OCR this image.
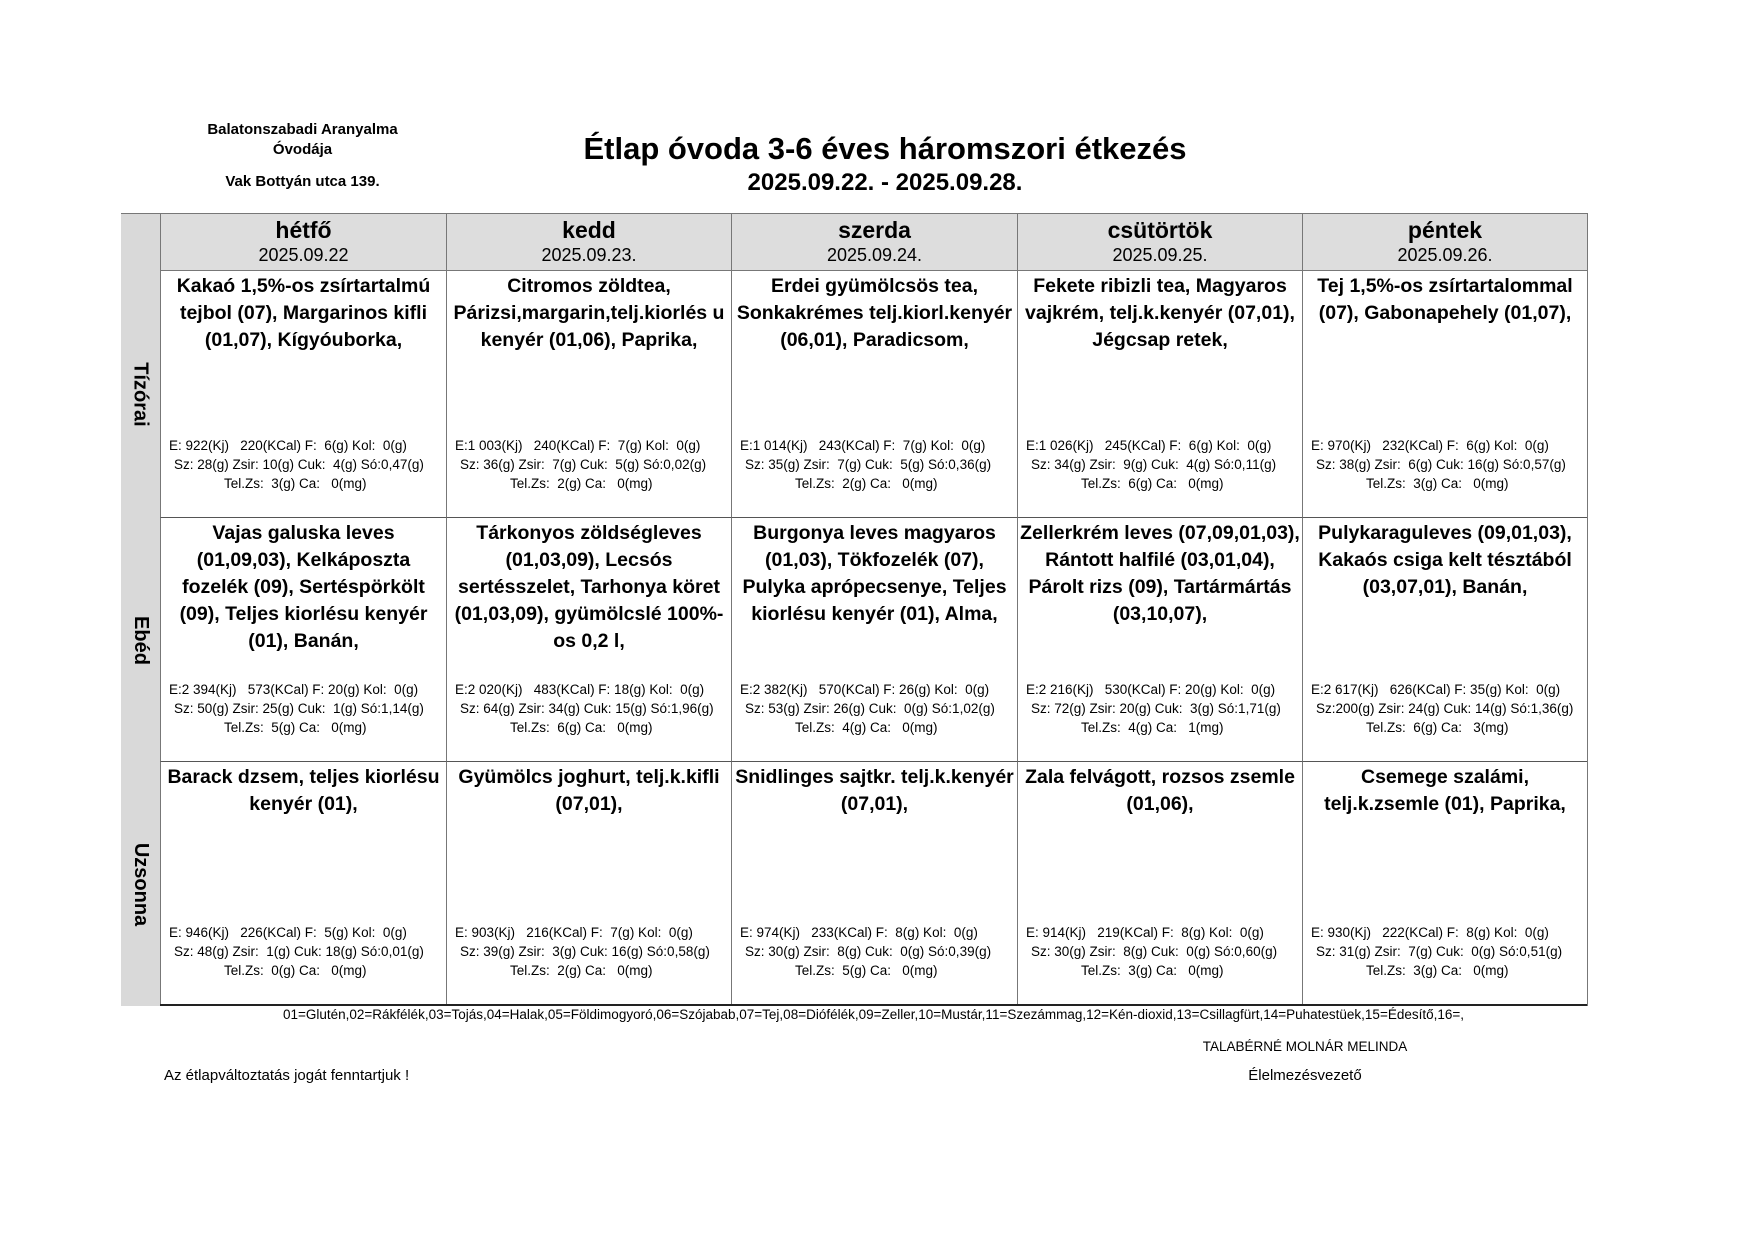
Balatonszabadi Aranyalma
Óvodája
Vak Bottyán utca 139.
Étlap óvoda 3-6 éves háromszori étkezés
2025.09.22. - 2025.09.28.
Tízórai
Ebéd
Uzsonna
hétfő
2025.09.22
kedd
2025.09.23.
szerda
2025.09.24.
csütörtök
2025.09.25.
péntek
2025.09.26.
Kakaó 1,5%-os zsírtartalmú tejbol (07), Margarinos kifli (01,07), Kígyóuborka,
E: 922(Kj)   220(KCal) F:  6(g) Kol:  0(g)
Sz: 28(g) Zsir: 10(g) Cuk:  4(g) Só:0,47(g)
Tel.Zs:  3(g) Ca:   0(mg)
Citromos zöldtea, Párizsi,margarin,telj.kiorlés u kenyér (01,06), Paprika,
E:1 003(Kj)   240(KCal) F:  7(g) Kol:  0(g)
Sz: 36(g) Zsir:  7(g) Cuk:  5(g) Só:0,02(g)
Tel.Zs:  2(g) Ca:   0(mg)
Erdei gyümölcsös tea, Sonkakrémes telj.kiorl.kenyér (06,01), Paradicsom,
E:1 014(Kj)   243(KCal) F:  7(g) Kol:  0(g)
Sz: 35(g) Zsir:  7(g) Cuk:  5(g) Só:0,36(g)
Tel.Zs:  2(g) Ca:   0(mg)
Fekete ribizli tea, Magyaros vajkrém, telj.k.kenyér (07,01), Jégcsap retek,
E:1 026(Kj)   245(KCal) F:  6(g) Kol:  0(g)
Sz: 34(g) Zsir:  9(g) Cuk:  4(g) Só:0,11(g)
Tel.Zs:  6(g) Ca:   0(mg)
Tej 1,5%-os zsírtartalommal (07), Gabonapehely (01,07),
E: 970(Kj)   232(KCal) F:  6(g) Kol:  0(g)
Sz: 38(g) Zsir:  6(g) Cuk: 16(g) Só:0,57(g)
Tel.Zs:  3(g) Ca:   0(mg)
Vajas galuska leves (01,09,03), Kelkáposzta fozelék (09), Sertéspörkölt (09), Teljes kiorlésu kenyér (01), Banán,
E:2 394(Kj)   573(KCal) F: 20(g) Kol:  0(g)
Sz: 50(g) Zsir: 25(g) Cuk:  1(g) Só:1,14(g)
Tel.Zs:  5(g) Ca:   0(mg)
Tárkonyos zöldségleves (01,03,09), Lecsós sertésszelet, Tarhonya köret (01,03,09), gyümölcslé 100%-os 0,2 l,
E:2 020(Kj)   483(KCal) F: 18(g) Kol:  0(g)
Sz: 64(g) Zsir: 34(g) Cuk: 15(g) Só:1,96(g)
Tel.Zs:  6(g) Ca:   0(mg)
Burgonya leves magyaros (01,03), Tökfozelék (07), Pulyka aprópecsenye, Teljes kiorlésu kenyér (01), Alma,
E:2 382(Kj)   570(KCal) F: 26(g) Kol:  0(g)
Sz: 53(g) Zsir: 26(g) Cuk:  0(g) Só:1,02(g)
Tel.Zs:  4(g) Ca:   0(mg)
Zellerkrém leves (07,09,01,03), Rántott halfilé (03,01,04), Párolt rizs (09), Tartármártás (03,10,07),
E:2 216(Kj)   530(KCal) F: 20(g) Kol:  0(g)
Sz: 72(g) Zsir: 20(g) Cuk:  3(g) Só:1,71(g)
Tel.Zs:  4(g) Ca:   1(mg)
Pulykaraguleves (09,01,03), Kakaós csiga kelt tésztából (03,07,01), Banán,
E:2 617(Kj)   626(KCal) F: 35(g) Kol:  0(g)
Sz:200(g) Zsir: 24(g) Cuk: 14(g) Só:1,36(g)
Tel.Zs:  6(g) Ca:   3(mg)
Barack dzsem, teljes kiorlésu kenyér (01),
E: 946(Kj)   226(KCal) F:  5(g) Kol:  0(g)
Sz: 48(g) Zsir:  1(g) Cuk: 18(g) Só:0,01(g)
Tel.Zs:  0(g) Ca:   0(mg)
Gyümölcs joghurt, telj.k.kifli (07,01),
E: 903(Kj)   216(KCal) F:  7(g) Kol:  0(g)
Sz: 39(g) Zsir:  3(g) Cuk: 16(g) Só:0,58(g)
Tel.Zs:  2(g) Ca:   0(mg)
Snidlinges sajtkr. telj.k.kenyér (07,01),
E: 974(Kj)   233(KCal) F:  8(g) Kol:  0(g)
Sz: 30(g) Zsir:  8(g) Cuk:  0(g) Só:0,39(g)
Tel.Zs:  5(g) Ca:   0(mg)
Zala felvágott, rozsos zsemle (01,06),
E: 914(Kj)   219(KCal) F:  8(g) Kol:  0(g)
Sz: 30(g) Zsir:  8(g) Cuk:  0(g) Só:0,60(g)
Tel.Zs:  3(g) Ca:   0(mg)
Csemege szalámi, telj.k.zsemle (01), Paprika,
E: 930(Kj)   222(KCal) F:  8(g) Kol:  0(g)
Sz: 31(g) Zsir:  7(g) Cuk:  0(g) Só:0,51(g)
Tel.Zs:  3(g) Ca:   0(mg)
01=Glutén,02=Rákfélék,03=Tojás,04=Halak,05=Földimogyoró,06=Szójabab,07=Tej,08=Diófélék,09=Zeller,10=Mustár,11=Szezámmag,12=Kén-dioxid,13=Csillagfürt,14=Puhatestüek,15=Édesítő,16=,
TALABÉRNÉ MOLNÁR MELINDA
Élelmezésvezető
Az étlapváltoztatás jogát fenntartjuk !
